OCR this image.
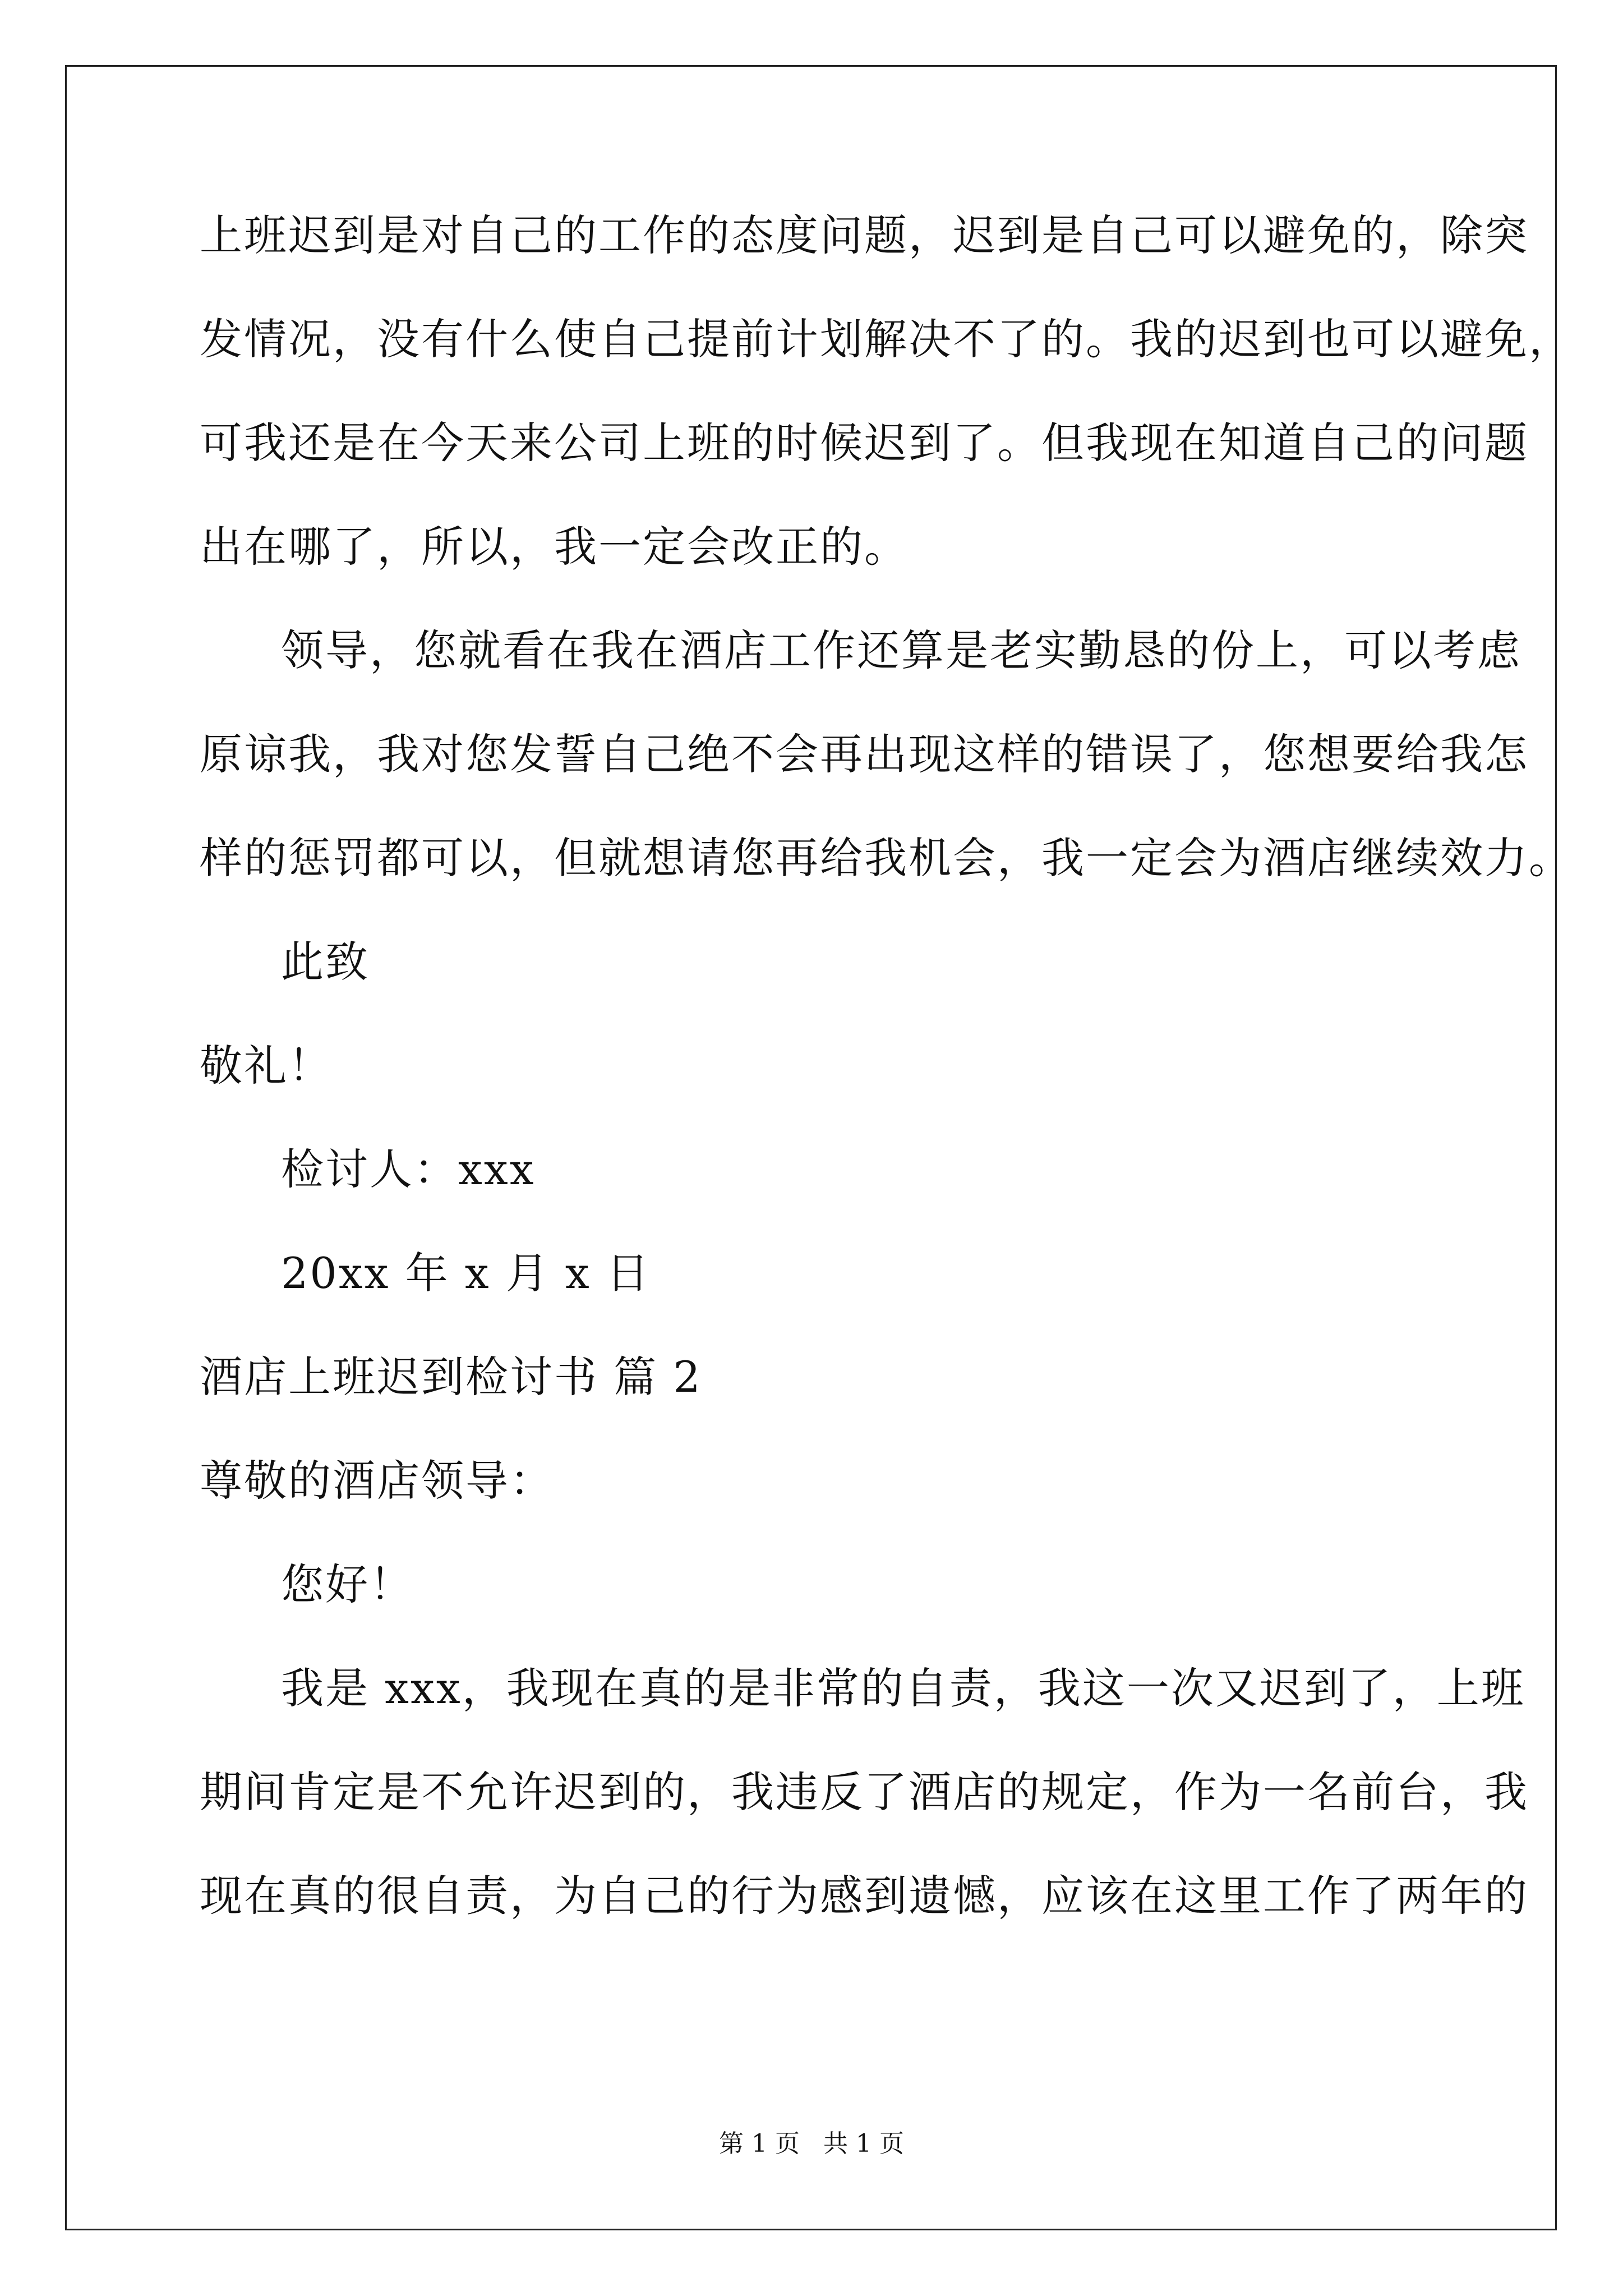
上班迟到是对自己的工作的态度问题，迟到是自己可以避免的，除突
发情况，没有什么使自己提前计划解决不了的。我的迟到也可以避免，
可我还是在今天来公司上班的时候迟到了。但我现在知道自己的问题
出在哪了，所以，我一定会改正的。
领导，您就看在我在酒店工作还算是老实勤恳的份上，可以考虑
原谅我，我对您发誓自己绝不会再出现这样的错误了，您想要给我怎
样的惩罚都可以，但就想请您再给我机会，我一定会为酒店继续效力。
此致
敬礼！
检讨人：xxx
20xx 年 x 月 x 日
酒店上班迟到检讨书 篇 2
尊敬的酒店领导：
您好！
我是 xxx，我现在真的是非常的自责，我这一次又迟到了，上班
期间肯定是不允许迟到的，我违反了酒店的规定，作为一名前台，我
现在真的很自责，为自己的行为感到遗憾，应该在这里工作了两年的
第 1 页   共 1 页
